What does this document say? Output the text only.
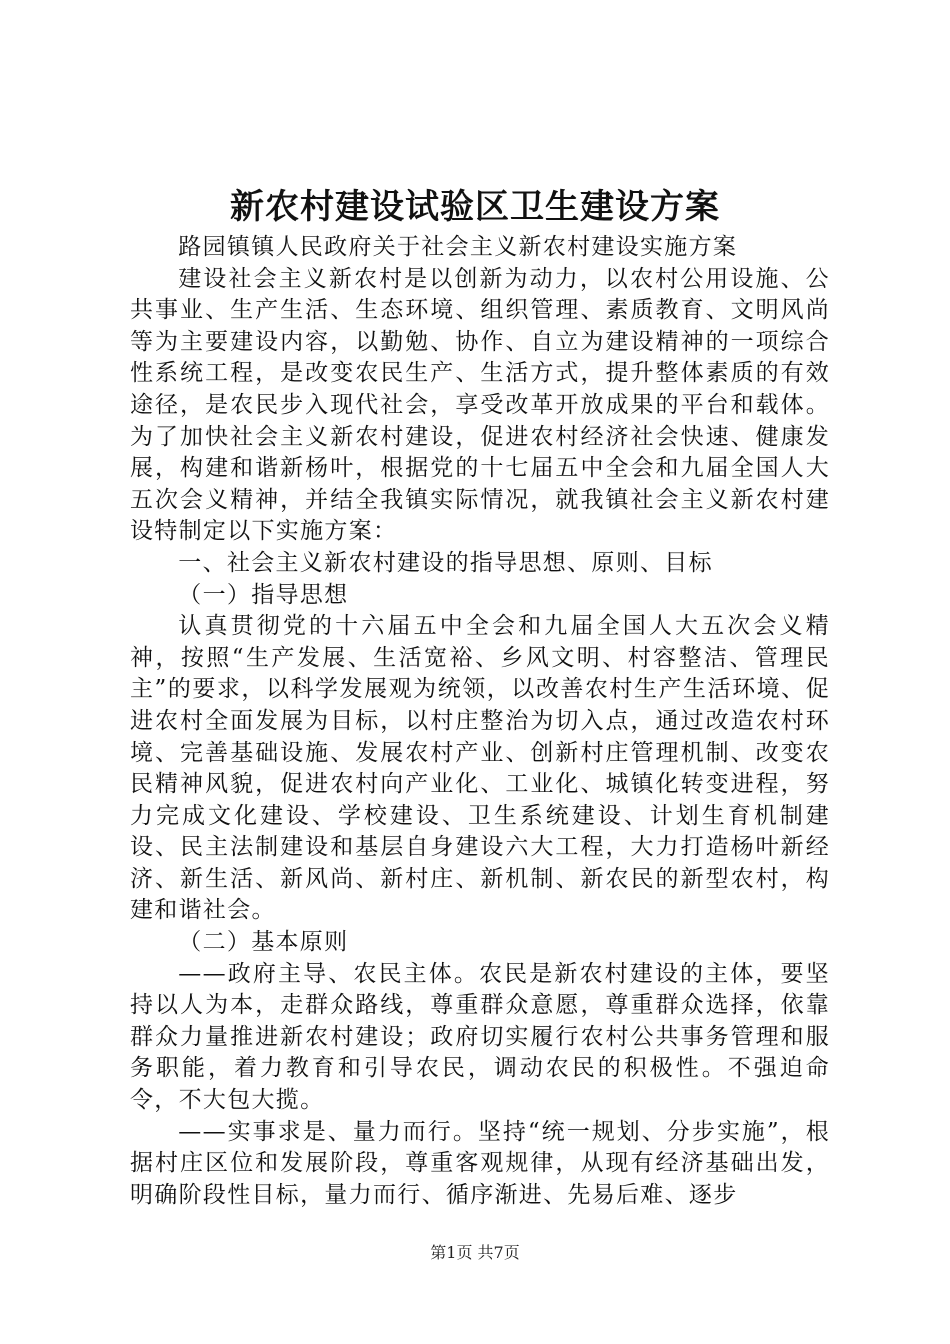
新农村建设试验区卫生建设方案

路园镇镇人民政府关于社会主义新农村建设实施方案

建设社会主义新农村是以创新为动力，以农村公用设施、公共事业、生产生活、生态环境、组织管理、素质教育、文明风尚等为主要建设内容，以勤勉、协作、自立为建设精神的一项综合性系统工程，是改变农民生产、生活方式，提升整体素质的有效途径，是农民步入现代社会，享受改革开放成果的平台和载体。为了加快社会主义新农村建设，促进农村经济社会快速、健康发展，构建和谐新杨叶，根据党的十七届五中全会和九届全国人大五次会义精神，并结全我镇实际情况，就我镇社会主义新农村建设特制定以下实施方案：

一、社会主义新农村建设的指导思想、原则、目标

（一）指导思想

认真贯彻党的十六届五中全会和九届全国人大五次会义精神，按照“生产发展、生活宽裕、乡风文明、村容整洁、管理民主”的要求，以科学发展观为统领，以改善农村生产生活环境、促进农村全面发展为目标，以村庄整治为切入点，通过改造农村环境、完善基础设施、发展农村产业、创新村庄管理机制、改变农民精神风貌，促进农村向产业化、工业化、城镇化转变进程，努力完成文化建设、学校建设、卫生系统建设、计划生育机制建设、民主法制建设和基层自身建设六大工程，大力打造杨叶新经济、新生活、新风尚、新村庄、新机制、新农民的新型农村，构建和谐社会。

（二）基本原则

——政府主导、农民主体。农民是新农村建设的主体，要坚持以人为本，走群众路线，尊重群众意愿，尊重群众选择，依靠群众力量推进新农村建设；政府切实履行农村公共事务管理和服务职能，着力教育和引导农民，调动农民的积极性。不强迫命令，不大包大揽。

——实事求是、量力而行。坚持“统一规划、分步实施”，根据村庄区位和发展阶段，尊重客观规律，从现有经济基础出发，明确阶段性目标，量力而行、循序渐进、先易后难、逐步

第1页 共7页
